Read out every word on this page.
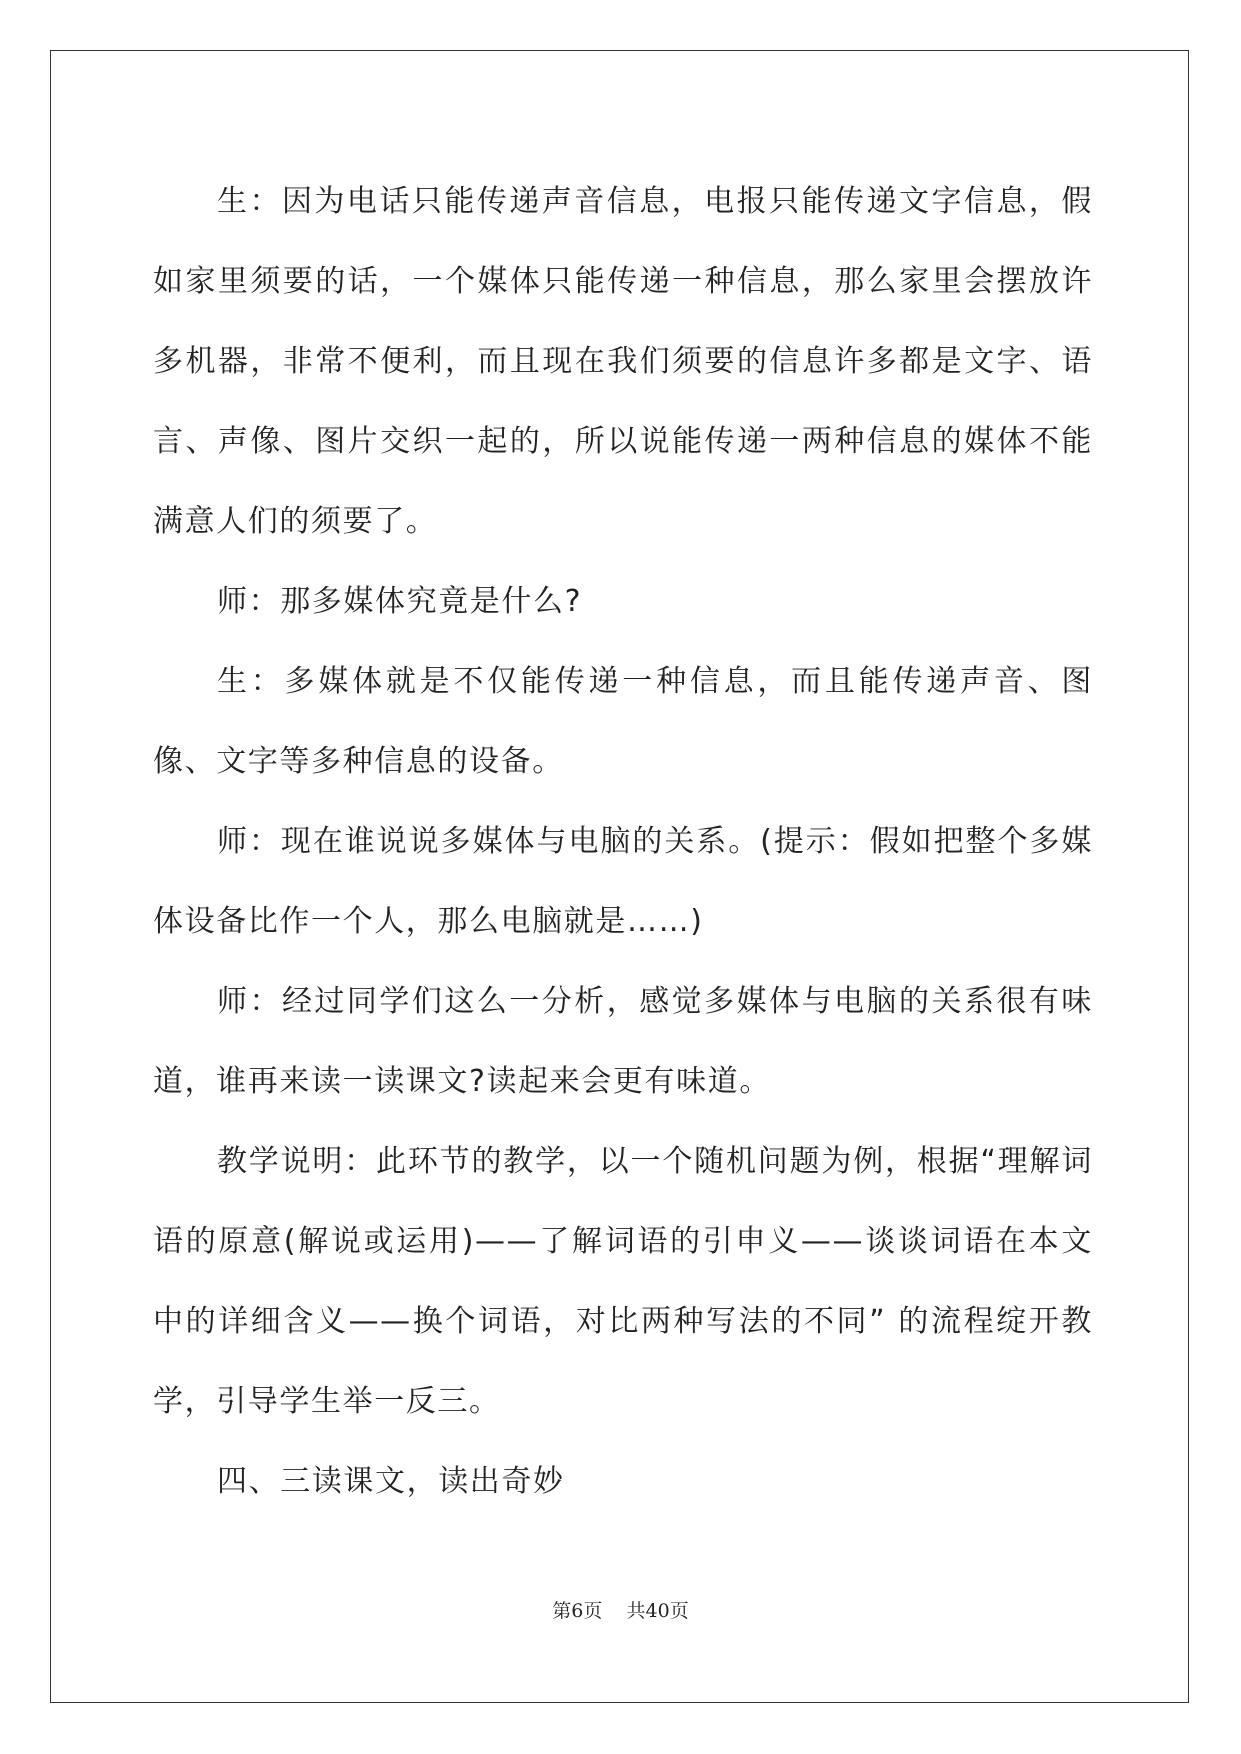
生：因为电话只能传递声音信息，电报只能传递文字信息，假如家里须要的话，一个媒体只能传递一种信息，那么家里会摆放许多机器，非常不便利，而且现在我们须要的信息许多都是文字、语言、声像、图片交织一起的，所以说能传递一两种信息的媒体不能满意人们的须要了。

师：那多媒体究竟是什么?

生：多媒体就是不仅能传递一种信息，而且能传递声音、图像、文字等多种信息的设备。

师：现在谁说说多媒体与电脑的关系。(提示：假如把整个多媒体设备比作一个人，那么电脑就是……)

师：经过同学们这么一分析，感觉多媒体与电脑的关系很有味道，谁再来读一读课文?读起来会更有味道。

教学说明：此环节的教学，以一个随机问题为例，根据“理解词语的原意(解说或运用)——了解词语的引申义——谈谈词语在本文中的详细含义——换个词语，对比两种写法的不同” 的流程绽开教学，引导学生举一反三。

四、三读课文，读出奇妙

第6页 共40页
